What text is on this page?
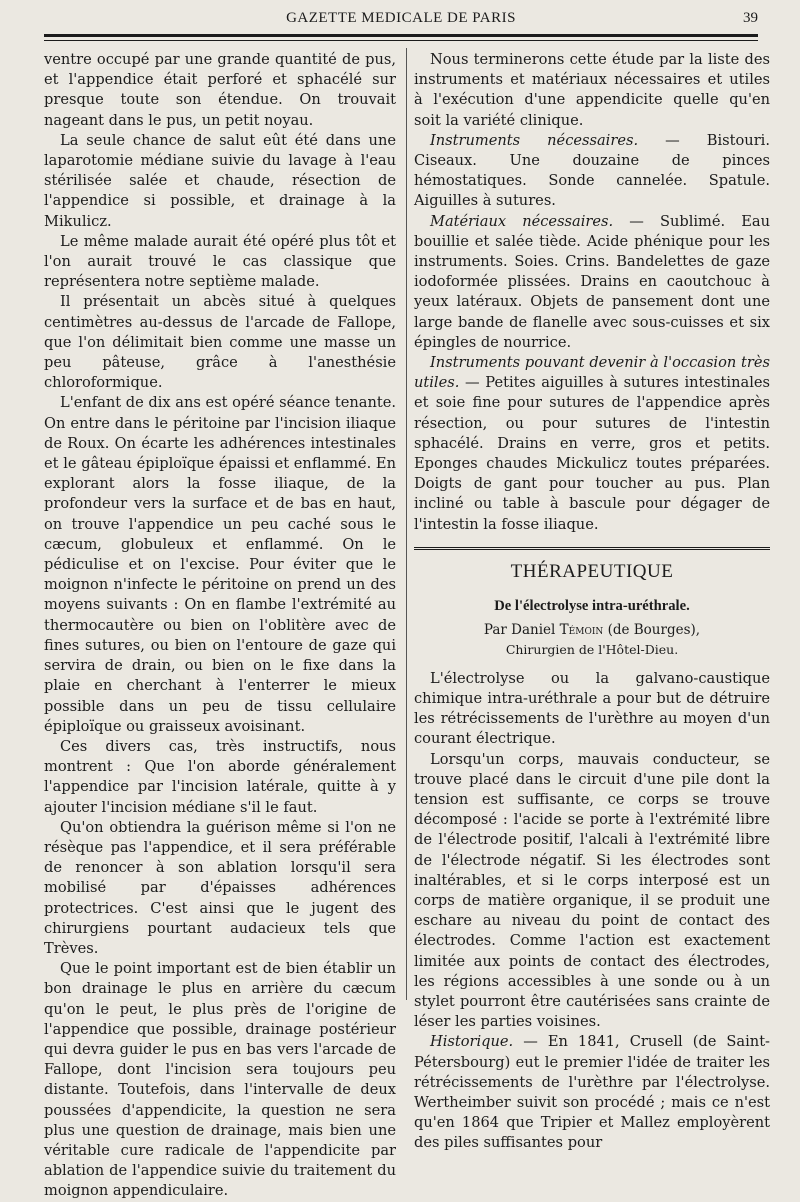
GAZETTE MEDICALE DE PARIS	39

ventre occupé par une grande quantité de pus, et l'appendice était perforé et sphacélé sur presque toute son étendue. On trouvait nageant dans le pus, un petit noyau.

La seule chance de salut eût été dans une laparotomie médiane suivie du lavage à l'eau stérilisée salée et chaude, résection de l'appendice si possible, et drainage à la Mikulicz.

Le même malade aurait été opéré plus tôt et l'on aurait trouvé le cas classique que représentera notre septième malade.

Il présentait un abcès situé à quelques centimètres au-dessus de l'arcade de Fallope, que l'on délimitait bien comme une masse un peu pâteuse, grâce à l'anesthésie chloroformique.

L'enfant de dix ans est opéré séance tenante. On entre dans le péritoine par l'incision iliaque de Roux. On écarte les adhérences intestinales et le gâteau épiploïque épaissi et enflammé. En explorant alors la fosse iliaque, de la profondeur vers la surface et de bas en haut, on trouve l'appendice un peu caché sous le cæcum, globuleux et enflammé. On le pédiculise et on l'excise. Pour éviter que le moignon n'infecte le péritoine on prend un des moyens suivants : On en flambe l'extrémité au thermocautère ou bien on l'oblitère avec de fines sutures, ou bien on l'entoure de gaze qui servira de drain, ou bien on le fixe dans la plaie en cherchant à l'enterrer le mieux possible dans un peu de tissu cellulaire épiploïque ou graisseux avoisinant.

Ces divers cas, très instructifs, nous montrent : Que l'on aborde généralement l'appendice par l'incision latérale, quitte à y ajouter l'incision médiane s'il le faut.

Qu'on obtiendra la guérison même si l'on ne résèque pas l'appendice, et il sera préférable de renoncer à son ablation lorsqu'il sera mobilisé par d'épaisses adhérences protectrices. C'est ainsi que le jugent des chirurgiens pourtant audacieux tels que Trèves.

Que le point important est de bien établir un bon drainage le plus en arrière du cæcum qu'on le peut, le plus près de l'origine de l'appendice que possible, drainage postérieur qui devra guider le pus en bas vers l'arcade de Fallope, dont l'incision sera toujours peu distante. Toutefois, dans l'intervalle de deux poussées d'appendicite, la question ne sera plus une question de drainage, mais bien une véritable cure radicale de l'appendicite par ablation de l'appendice suivie du traitement du moignon appendiculaire.

Nous terminerons cette étude par la liste des instruments et matériaux nécessaires et utiles à l'exécution d'une appendicite quelle qu'en soit la variété clinique.

Instruments nécessaires. — Bistouri. Ciseaux. Une douzaine de pinces hémostatiques. Sonde cannelée. Spatule. Aiguilles à sutures.

Matériaux nécessaires. — Sublimé. Eau bouillie et salée tiède. Acide phénique pour les instruments. Soies. Crins. Bandelettes de gaze iodoformée plissées. Drains en caoutchouc à yeux latéraux. Objets de pansement dont une large bande de flanelle avec sous-cuisses et six épingles de nourrice.

Instruments pouvant devenir à l'occasion très utiles. — Petites aiguilles à sutures intestinales et soie fine pour sutures de l'appendice après résection, ou pour sutures de l'intestin sphacélé. Drains en verre, gros et petits. Eponges chaudes Mickulicz toutes préparées. Doigts de gant pour toucher au pus. Plan incliné ou table à bascule pour dégager de l'intestin la fosse iliaque.

THÉRAPEUTIQUE
De l'électrolyse intra-uréthrale.
Par Daniel Témoin (de Bourges),
Chirurgien de l'Hôtel-Dieu.

L'électrolyse ou la galvano-caustique chimique intra-uréthrale a pour but de détruire les rétrécissements de l'urèthre au moyen d'un courant électrique.

Lorsqu'un corps, mauvais conducteur, se trouve placé dans le circuit d'une pile dont la tension est suffisante, ce corps se trouve décomposé : l'acide se porte à l'extrémité libre de l'électrode positif, l'alcali à l'extrémité libre de l'électrode négatif. Si les électrodes sont inaltérables, et si le corps interposé est un corps de matière organique, il se produit une eschare au niveau du point de contact des électrodes. Comme l'action est exactement limitée aux points de contact des électrodes, les régions accessibles à une sonde ou à un stylet pourront être cautérisées sans crainte de léser les parties voisines.

Historique. — En 1841, Crusell (de Saint-Pétersbourg) eut le premier l'idée de traiter les rétrécissements de l'urèthre par l'électrolyse. Wertheimber suivit son procédé ; mais ce n'est qu'en 1864 que Tripier et Mallez employèrent des piles suffisantes pour
